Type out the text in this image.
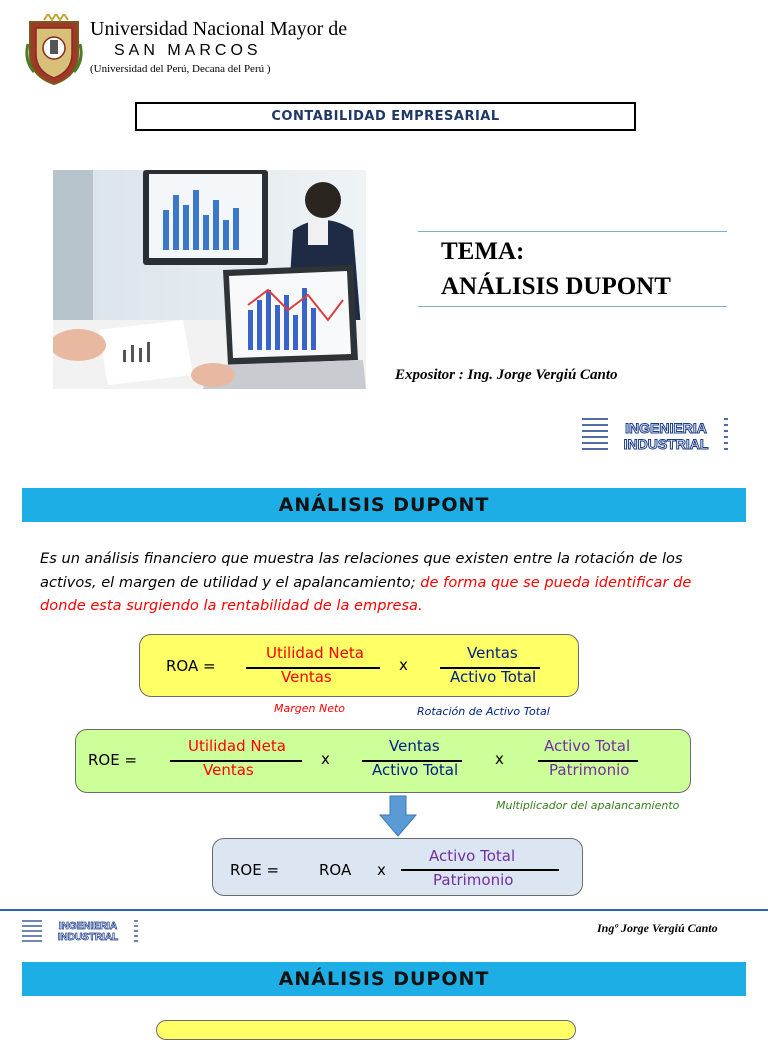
Universidad Nacional Mayor de
SAN MARCOS
(Universidad del Perú, Decana del Perú )
CONTABILIDAD EMPRESARIAL
TEMA:
ANÁLISIS DUPONT
Expositor : Ing. Jorge Vergiú Canto
INGENIERIA
INDUSTRIAL
ANÁLISIS DUPONT
Es un análisis financiero que muestra las relaciones que existen entre la rotación de los activos, el margen de utilidad y el apalancamiento; de forma que se pueda identificar de donde esta surgiendo la rentabilidad de la empresa.
ROA =
Utilidad Neta
Ventas
x
Ventas
Activo Total
Margen Neto	Rotación de Activo Total
ROE =
Utilidad Neta
Ventas
x
Ventas
Activo Total
x
Activo Total
Patrimonio
Multiplicador del apalancamiento
ROE =	ROA x
Activo Total
Patrimonio
INGENIERIA
INDUSTRIAL
Ingº Jorge Vergiú Canto
ANÁLISIS DUPONT
